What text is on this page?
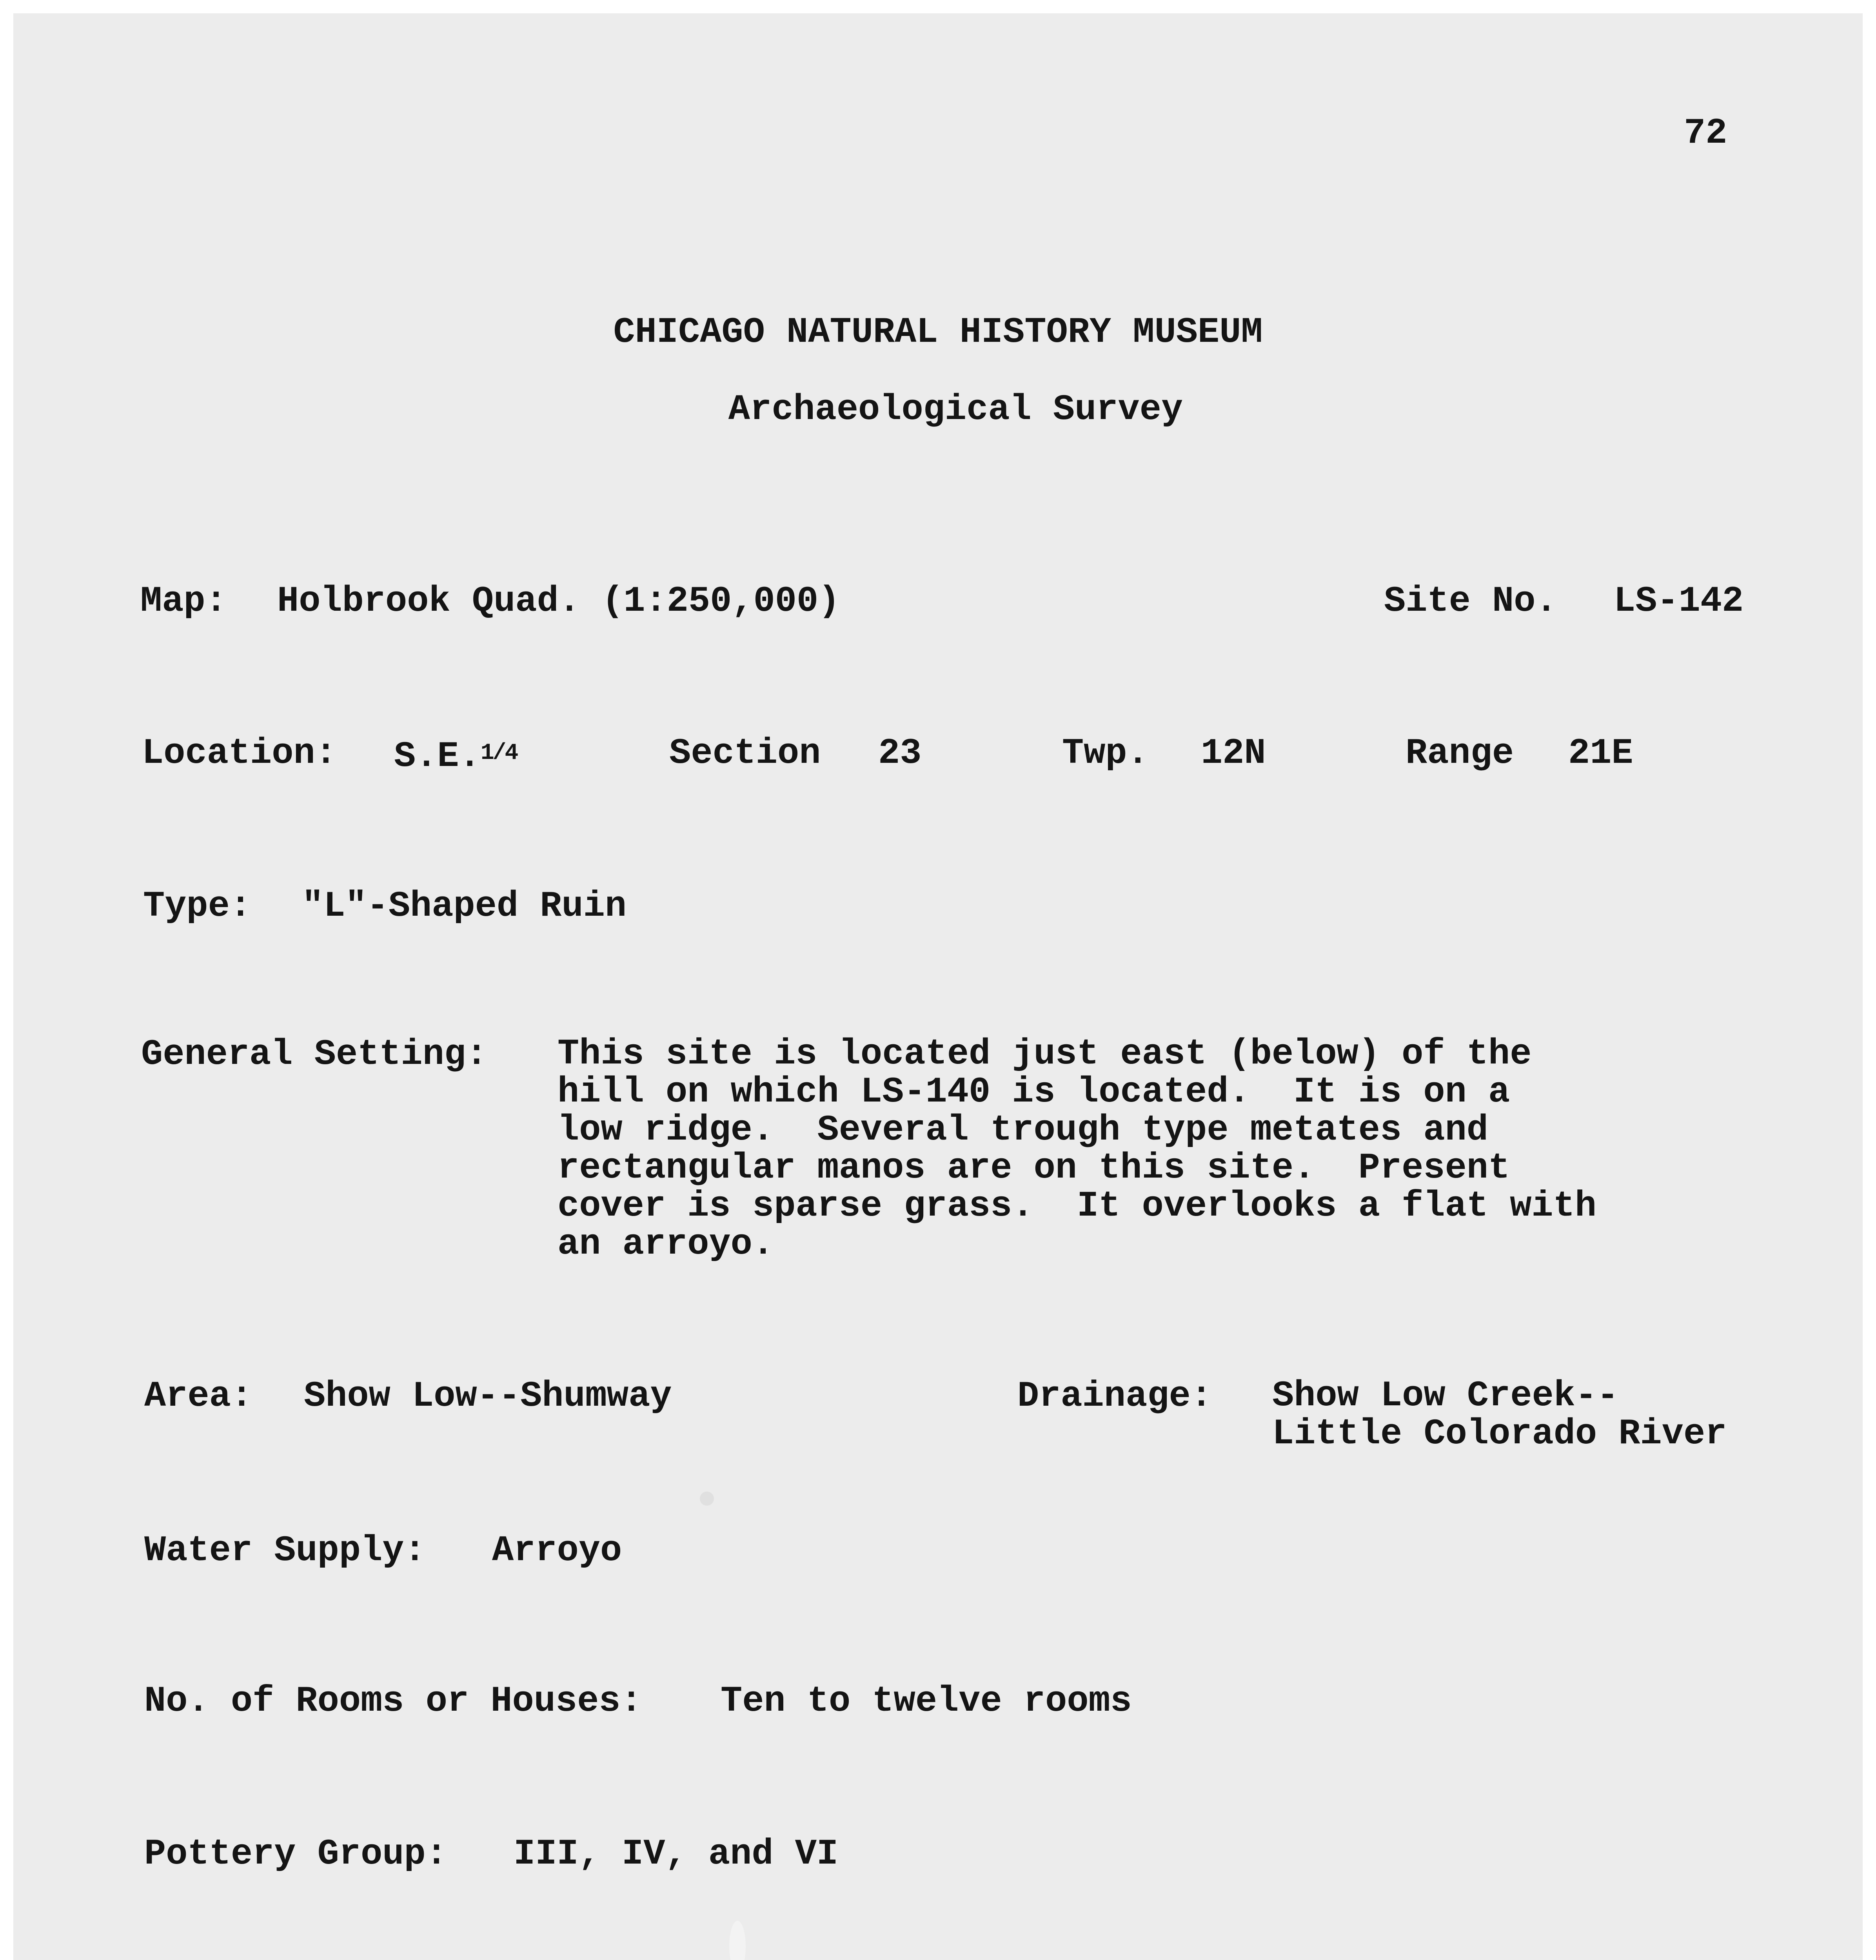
72
CHICAGO NATURAL HISTORY MUSEUM
Archaeological Survey
Map: Holbrook Quad. (1:250,000)	Site No. LS-142
Location: S.E.1/4	Section 23	Twp. 12N	Range 21E
Type: "L"-Shaped Ruin
General Setting: This site is located just east (below) of the
hill on which LS-140 is located.  It is on a
low ridge.  Several trough type metates and
rectangular manos are on this site.  Present
cover is sparse grass.  It overlooks a flat with
an arroyo.
Area: Show Low--Shumway	Drainage: Show Low Creek--
Little Colorado River
Water Supply: Arroyo
No. of Rooms or Houses: Ten to twelve rooms
Pottery Group: III, IV, and VI
